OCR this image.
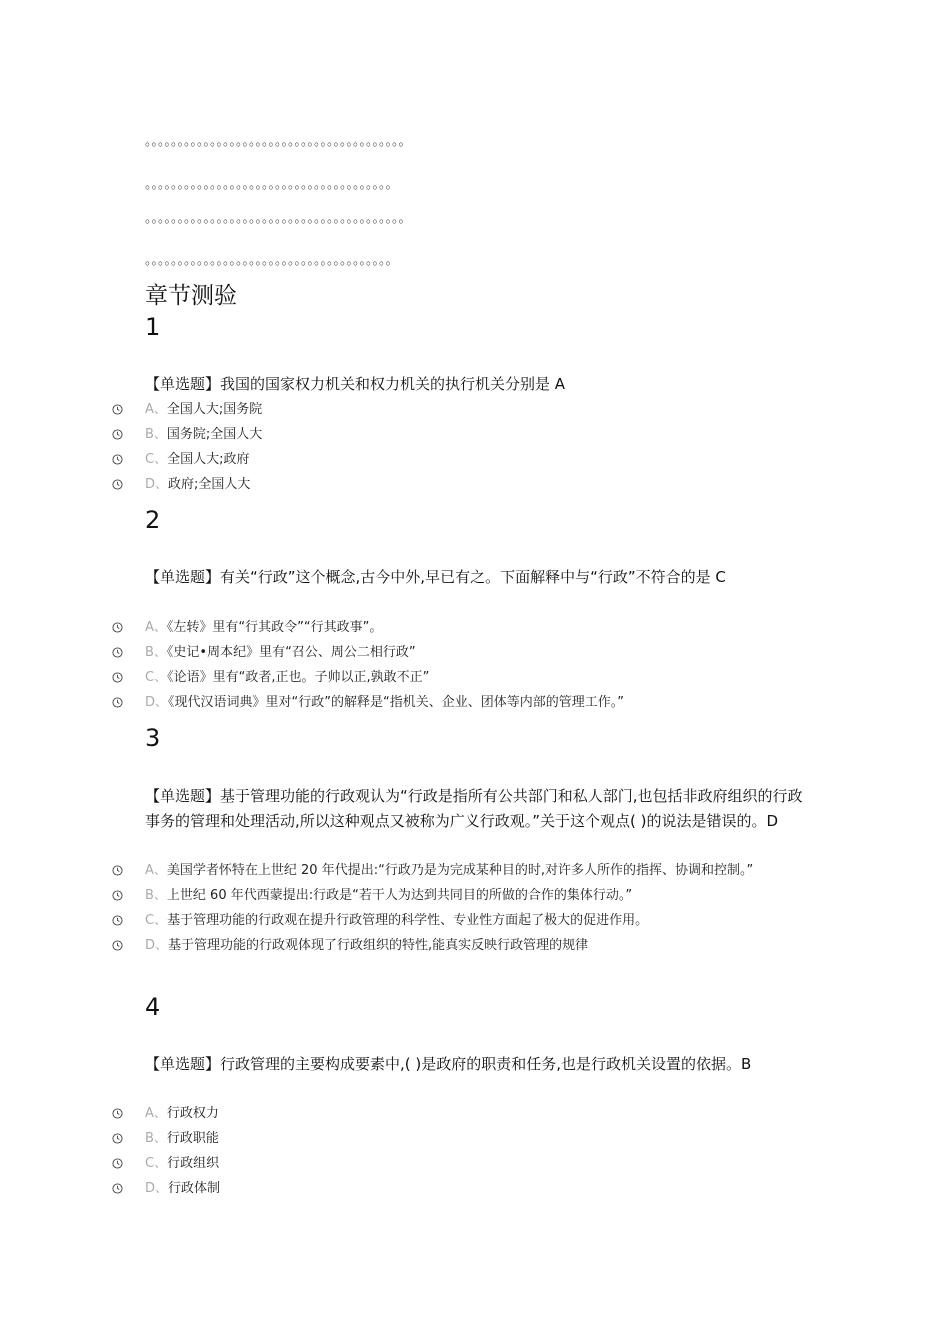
。。。。。。。。。。。。。。。。。。。。。。。。。。。。。。。。。。。。。。。。
。。。。。。。。。。。。。。。。。。。。。。。。。。。。。。。。。。。。。。
。。。。。。。。。。。。。。。。。。。。。。。。。。。。。。。。。。。。。。。。
。。。。。。。。。。。。。。。。。。。。。。。。。。。。。。。。。。。。。。
章节测验
1
【单选题】我国的国家权力机关和权力机关的执行机关分别是 A
A、全国人大;国务院
B、国务院;全国人大
C、全国人大;政府
D、政府;全国人大
2
【单选题】有关“行政”这个概念,古今中外,早已有之。下面解释中与“行政”不符合的是 C
A、《左转》里有“行其政令”“行其政事”。
B、《史记•周本纪》里有“召公、周公二相行政”
C、《论语》里有“政者,正也。子帅以正,孰敢不正”
D、《现代汉语词典》里对“行政”的解释是“指机关、企业、团体等内部的管理工作。”
3
【单选题】基于管理功能的行政观认为“行政是指所有公共部门和私人部门,也包括非政府组织的行政事务的管理和处理活动,所以这种观点又被称为广义行政观。”关于这个观点( )的说法是错误的。D
A、美国学者怀特在上世纪 20 年代提出:“行政乃是为完成某种目的时,对许多人所作的指挥、协调和控制。”
B、上世纪 60 年代西蒙提出:行政是“若干人为达到共同目的所做的合作的集体行动。”
C、基于管理功能的行政观在提升行政管理的科学性、专业性方面起了极大的促进作用。
D、基于管理功能的行政观体现了行政组织的特性,能真实反映行政管理的规律
4
【单选题】行政管理的主要构成要素中,( )是政府的职责和任务,也是行政机关设置的依据。B
A、行政权力
B、行政职能
C、行政组织
D、行政体制
